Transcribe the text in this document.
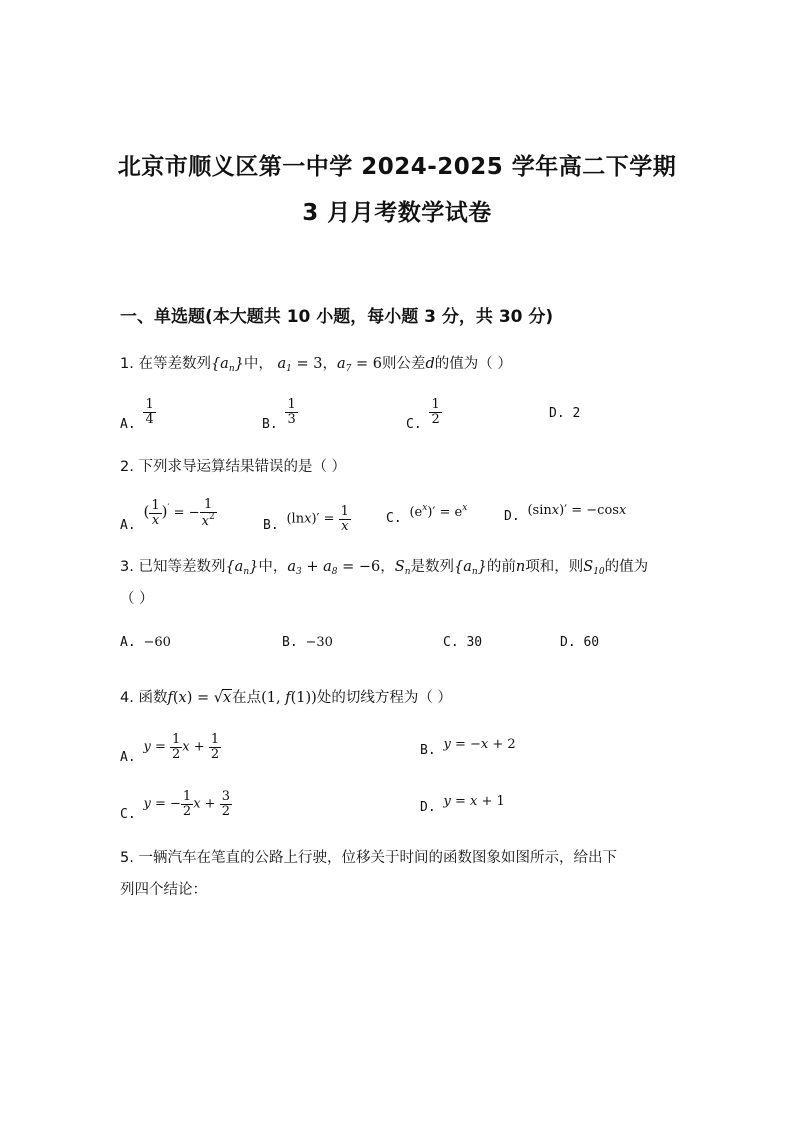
北京市顺义区第一中学 2024-2025 学年高二下学期
3 月月考数学试卷
一、单选题(本大题共 10 小题，每小题 3 分，共 30 分)
1. 在等差数列$\{a_n\}$中， $a_1 = 3$，$a_7 = 6$则公差d的值为（ ）
A. $\frac{1}{4}$	B. $\frac{1}{3}$	C. $\frac{1}{2}$	D. 2
2. 下列求导运算结果错误的是（ ）
A. ( $\frac{1}{x} )'$ = − $\frac{1}{x^2}$	B. $(\ln x)' = \frac{1}{x}$	C. $(e^x)' = e^x$
D. (sinx)′ = −cosx
3. 已知等差数列$\{a_n\}$中，$a_3 + a_8 = -6$，$S_n$是数列$\{a_n\}$的前n项和，则$S_{10}$的值为
（ ）
A. −60	B. −30	C. 30	D. 60
4. 函数f(x) = √x在点(1, f(1))处的切线方程为（ ）
A. $y = \frac{1}{2}$ $x + \frac{1}{2}$	B. y = −x + 2
C. y = − $\frac{1}{2}$ $x + \frac{3}{2}$	D. y = x + 1
5. 一辆汽车在笔直的公路上行驶，位移关于时间的函数图象如图所示，给出下
列四个结论：
